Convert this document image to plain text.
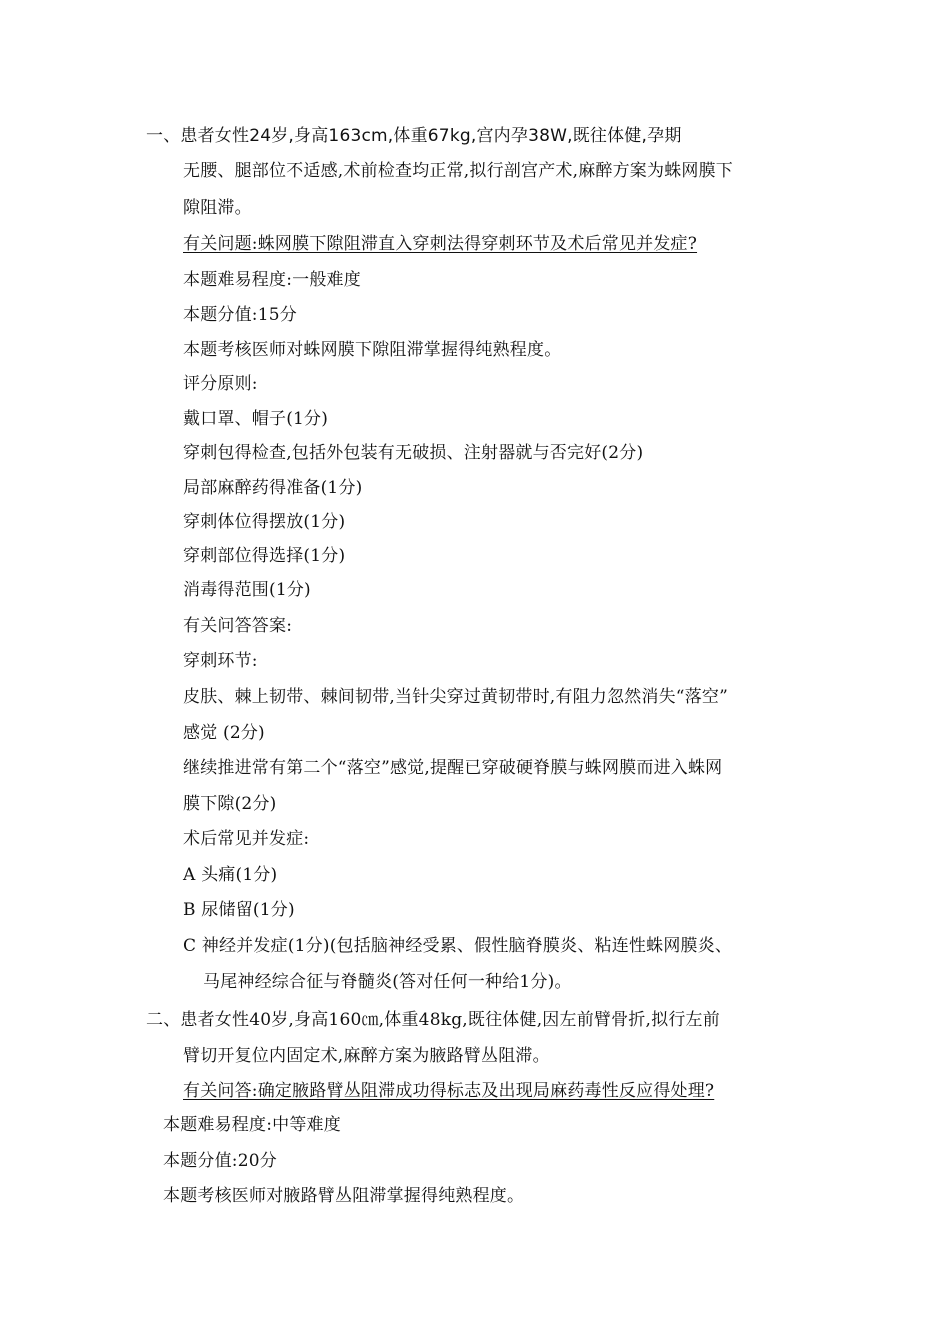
一、患者女性24岁,身高163cm,体重67kg,宫内孕38W,既往体健,孕期
无腰、腿部位不适感,术前检查均正常,拟行剖宫产术,麻醉方案为蛛网膜下
隙阻滞。
有关问题:蛛网膜下隙阻滞直入穿刺法得穿刺环节及术后常见并发症?
本题难易程度:一般难度
本题分值:15分
本题考核医师对蛛网膜下隙阻滞掌握得纯熟程度。
评分原则:
戴口罩、帽子(1分)
穿刺包得检查,包括外包装有无破损、注射器就与否完好(2分)
局部麻醉药得准备(1分)
穿刺体位得摆放(1分)
穿刺部位得选择(1分)
消毒得范围(1分)
有关问答答案:
穿刺环节:
皮肤、棘上韧带、棘间韧带,当针尖穿过黄韧带时,有阻力忽然消失“落空”
感觉 (2分)
继续推进常有第二个“落空”感觉,提醒已穿破硬脊膜与蛛网膜而进入蛛网
膜下隙(2分)
术后常见并发症:
A 头痛(1分)
B 尿储留(1分)
C 神经并发症(1分)(包括脑神经受累、假性脑脊膜炎、粘连性蛛网膜炎、
马尾神经综合征与脊髓炎(答对任何一种给1分)。
二、患者女性40岁,身高160㎝,体重48kg,既往体健,因左前臂骨折,拟行左前
臂切开复位内固定术,麻醉方案为腋路臂丛阻滞。
有关问答:确定腋路臂丛阻滞成功得标志及出现局麻药毒性反应得处理?
本题难易程度:中等难度
本题分值:20分
本题考核医师对腋路臂丛阻滞掌握得纯熟程度。
